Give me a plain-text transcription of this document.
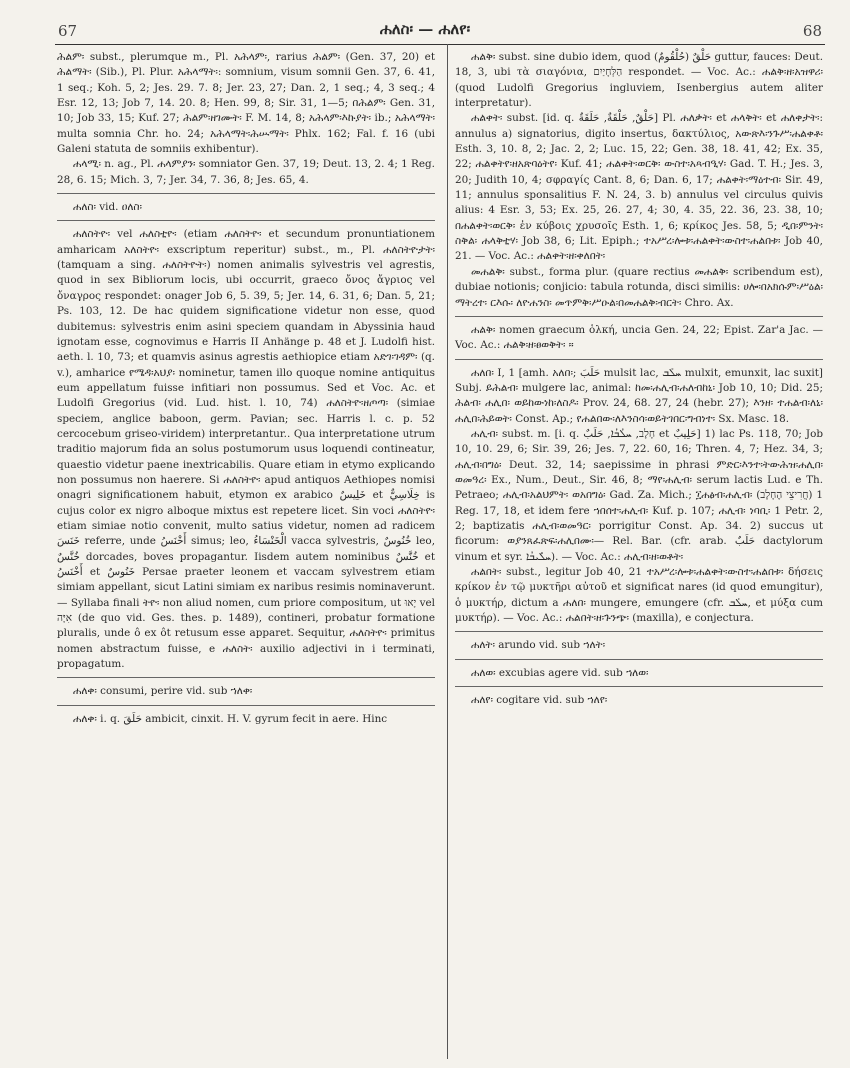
67	ሐለስ፡ — ሐለየ፡	68

ሕልም፡ subst., plerumque m., Pl. አሕላም፡, rarius ሕልም፡ (Gen. 37, 20) et ሕልማት፡ (Sib.), Pl. Plur. አሕላማት፡: somnium, visum somnii Gen. 37, 6. 41, 1 seq.; Koh. 5, 2; Jes. 29. 7. 8; Jer. 23, 27; Dan. 2, 1 seq.; 4, 3 seq.; 4 Esr. 12, 13; Job 7, 14. 20. 8; Hen. 99, 8; Sir. 31, 1—5; በሕልም፡ Gen. 31, 10; Job 33, 15; Kuf. 27; ሕልም፡ዘገሙት፡ F. M. 14, 8; አሕላም፡እኩያት፡ ib.; አሕላማት፡ multa somnia Chr. ho. 24; አሕላማት፡ሕሡማት፡ Phlx. 162; Fal. f. 16 (ubi Galeni statuta de somniis exhibentur).

ሐላሚ፡ n. ag., Pl. ሐላምያን፡ somniator Gen. 37, 19; Deut. 13, 2. 4; 1 Reg. 28, 6. 15; Mich. 3, 7; Jer. 34, 7. 36, 8; Jes. 65, 4.

ሐለስ፡ vid. ዐለስ፡

ሐለስትዮ፡ vel ሐለስቲዮ፡ (etiam ሐለስትዮ፡ et secundum pronuntiationem amharicam አለስትዮ፡ exscriptum reperitur) subst., m., Pl. ሐለስትዮታት፡ (tamquam a sing. ሐለስትዮት፡) nomen animalis sylvestris vel agrestis, quod in sex Bibliorum locis, ubi occurrit, graeco ὄνος ἄγριος vel ὄναγρος respondet: onager Job 6, 5. 39, 5; Jer. 14, 6. 31, 6; Dan. 5, 21; Ps. 103, 12. De hac quidem significatione videtur non esse, quod dubitemus: sylvestris enim asini speciem quandam in Abyssinia haud ignotam esse, cognovimus e Harris II Anhänge p. 48 et J. Ludolfi hist. aeth. l. 10, 73; et quamvis asinus agrestis aethiopice etiam አድገ፡ገዳም፡ (q. v.), amharice የሜዳ፡አህያ፡ nominetur, tamen illo quoque nomine antiquitus eum appellatum fuisse infitiari non possumus. Sed et Voc. Ac. et Ludolfi Gregorius (vid. Lud. hist. l. 10, 74) ሐለስትዮ፡ዘጦጣ፡ (simiae speciem, anglice baboon, germ. Pavian; sec. Harris l. c. p. 52 cercocebum griseo-viridem) interpretantur.. Qua interpretatione utrum traditio majorum fida an solus postumorum usus loquendi contineatur, quaestio videtur paene inextricabilis. Quare etiam in etymo explicando non possumus non haerere. Si ሐለስትዮ፡ apud antiquos Aethiopes nomisi onagri significationem habuit, etymon ex arabico خَلِيسٌ et خِلَاسِيٌّ is cujus color ex nigro alboque mixtus est repetere licet. Sin voci ሐለስትዮ፡ etiam simiae notio convenit, multo satius videtur, nomen ad radicem خَنَسَ referre, unde أَخْنَسُ simus; leo, الْخَنْسَاءُ vacca sylvestris, خُنُوسٌ leo, خُنَّسٌ dorcades, boves propagantur. Iisdem autem nominibus خُنَّسٌ et أَخْنَسُ et خَنُوسٌ Persae praeter leonem et vaccam sylvestrem etiam simiam appellant, sicut Latini simiam ex naribus resimis nominaverunt. — Syllaba finali ትዮ፡ non aliud nomen, cum priore compositum, ut יָאוּ vel אִיָּה (de quo vid. Ges. thes. p. 1489), contineri, probatur formatione pluralis, unde ô ex ôt retusum esse apparet. Sequitur, ሐለስትዮ፡ primitus nomen abstractum fuisse, e ሐለስት፡ auxilio adjectivi in i terminati, propagatum.

ሐለቀ፡ consumi, perire vid. sub ኀለቀ፡

ሐለቀ፡ i. q. حَلَقَ ambicit, cinxit. H. V. gyrum fecit in aere. Hinc

ሐልቅ፡ subst. sine dubio idem, quod حَلْقٌ (حُلْقُومٌ) guttur, fauces: Deut. 18, 3, ubi τὰ σιαγόνια, הַלְּחָיַיִם respondet. — Voc. Ac.: ሐልቅ፡ዘ፡አዝዋሪ፡ (quod Ludolfi Gregorius ingluviem, Isenbergius autem aliter interpretatur).

ሐልቀት፡ subst. [id. q. حَلْقٌ, حَلْقَةٌ, حَلَقَةٌ] Pl. ሐለቃት፡ et ሐላቅት፡ et ሐለቀታት፡: annulus a) signatorius, digito insertus, δακτύλιος, አውጽእ፡ንጉሥ፡ሐልቀቶ፡ Esth. 3, 10. 8, 2; Jac. 2, 2; Luc. 15, 22; Gen. 38, 18. 41, 42; Ex. 35, 22; ሐልቀትየ፡ዘአጽባዕትየ፡ Kuf. 41; ሐልቀት፡ወርቅ፡ ውስተ፡አጻብዒሃ፡ Gad. T. H.; Jes. 3, 20; Judith 10, 4; σφραγίς Cant. 8, 6; Dan. 6, 17; ሐልቀት፡ማዕተብ፡ Sir. 49, 11; annulus sponsalitius F. N. 24, 3. b) annulus vel circulus quivis alius: 4 Esr. 3, 53; Ex. 25, 26. 27, 4; 30, 4. 35, 22. 36, 23. 38, 10; በሐልቀት፡ወርቅ፡ ἐν κύβοις χρυσοῖς Esth. 1, 6; κρίκος Jes. 58, 5; ዲበ፡ምንት፡ ስቅል፡ ሐላቅቲሃ፡ Job 38, 6; Lit. Epiph.; ተአሥረ፡ሎቱ፡ሐልቀት፡ውስተ፡ሐልበቱ፡ Job 40, 21. — Voc. Ac.: ሐልቀት፡ዘ፡ቀለበት፡

መሐልቅ፡ subst., forma plur. (quare rectius መሐልቅ፡ scribendum est), dubiae notionis; conjicio: tabula rotunda, disci similis: ሀሎ፡በአክሱም፡ሥዕል፡ማትረተ፡ ርእሱ፡ ለዮሐንስ፡ መጥምቅ፡ሥዑል፡በመሐልቅ፡ብርት፡ Chro. Ax.

ሐልቅ፡ nomen graecum ὁλκή, uncia Gen. 24, 22; Epist. Zar'a Jac. — Voc. Ac.: ሐልቅ፡ዘ፡ፀወቅት፡ ።

ሐለበ፡ I, 1 [amh. አለበ፡; حَلَبَ mulsit lac, ܚܠܰܒ mulxit, emunxit, lac suxit] Subj. ይሕልብ፡ mulgere lac, animal: ከመ፡ሐሊብ፡ሐለብከኒ፡ Job 10, 10; Did. 25; ሕልብ፡ ሐሊበ፡ ወይከውነከ፡ለስዶ፡ Prov. 24, 68. 27, 24 (hebr. 27); እንዘ፡ ተሐልብ፡ለኒ፡ሐሊበ፡ሕይወት፡ Const. Ap.; የሐልበው፡ለእንስሳ፡ወይትገበር፡ግብነተ፡ Sx. Masc. 18.

ሐሊብ፡ subst. m. [i. q. חָלָב, ܚܠܳܒܳܐ, حَلَبٌ et حَلِيبٌ] 1) lac Ps. 118, 70; Job 10, 10. 29, 6; Sir. 39, 26; Jes. 7, 22. 60, 16; Thren. 4, 7; Hez. 34, 3; ሐሊብ፡በግዕ፡ Deut. 32, 14; saepissime in phrasi ምድር፡እንተ፡ትውሕዝ፡ሐሊበ፡ወመዓረ፡ Ex., Num., Deut., Sir. 46, 8; ማየ፡ሐሊብ፡ serum lactis Lud. e Th. Petraeo; ሐሊብ፡አልህምት፡ ወአበግዕ፡ Gad. Za. Mich.; ፲ሐፅብ፡ሐሊብ፡ (חֲרִיצֵי הֶחָלָב) 1 Reg. 17, 18, et idem fere ኀበሰተ፡ሐሊብ፡ Kuf. p. 107; ሐሊብ፡ ነባቢ፡ 1 Petr. 2, 2; baptizatis ሐሊብ፡ወመዓር፡ porrigitur Const. Ap. 34. 2) succus ut ficorum: ወያንጸፈጽፍ፡ሐሊበሙ፡— Rel. Bar. (cfr. arab. حَلَبٌ dactylorum vinum et syr. ܚܠܺܝܒܳܐ). — Voc. Ac.: ሐሊብ፡ዘ፡ወቶት፡

ሐልበት፡ subst., legitur Job 40, 21 ተአሥረ፡ሎቱ፡ሐልቀት፡ውስተ፡ሐልበቱ፡ δήσεις κρίκον ἐν τῷ μυκτῆρι αὐτοῦ et significat nares (id quod emungitur), ὁ μυκτήρ, dictum a ሐለበ፡ mungere, emungere (cfr. ܚܠܰܒ, et μύξα cum μυκτήρ). — Voc. Ac.: ሐልበት፡ዘ፡ጉንጭ፡ (maxilla), e conjectura.

ሐለት፡ arundo vid. sub ኀለት፡

ሐለወ፡ excubias agere vid. sub ኀለወ፡

ሐለየ፡ cogitare vid. sub ኀለየ፡
